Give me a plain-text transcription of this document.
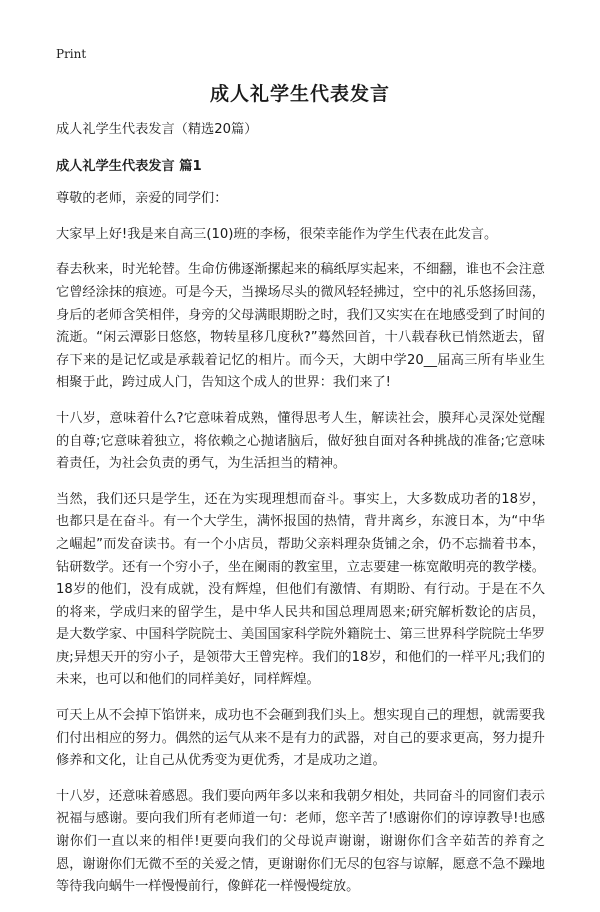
Print
成人礼学生代表发言

成人礼学生代表发言（精选20篇）

成人礼学生代表发言 篇1

尊敬的老师，亲爱的同学们：

大家早上好!我是来自高三(10)班的李杨，很荣幸能作为学生代表在此发言。

春去秋来，时光轮替。生命仿佛逐渐摞起来的稿纸厚实起来，不细翻，谁也不会注意它曾经涂抹的痕迹。可是今天，当操场尽头的微风轻轻拂过，空中的礼乐悠扬回荡，身后的老师含笑相伴，身旁的父母满眼期盼之时，我们又实实在在地感受到了时间的流逝。“闲云潭影日悠悠，物转星移几度秋?”蓦然回首，十八载春秋已悄然逝去，留存下来的是记忆或是承载着记忆的相片。而今天，大朗中学20__届高三所有毕业生相聚于此，跨过成人门，告知这个成人的世界：我们来了!

十八岁，意味着什么?它意味着成熟，懂得思考人生，解读社会，膜拜心灵深处觉醒的自尊;它意味着独立，将依赖之心抛诸脑后，做好独自面对各种挑战的准备;它意味着责任，为社会负责的勇气，为生活担当的精神。

当然，我们还只是学生，还在为实现理想而奋斗。事实上，大多数成功者的18岁，也都只是在奋斗。有一个大学生，满怀报国的热情，背井离乡，东渡日本，为“中华之崛起”而发奋读书。有一个小店员，帮助父亲料理杂货铺之余，仍不忘揣着书本，钻研数学。还有一个穷小子，坐在阑雨的教室里，立志要建一栋宽敞明亮的教学楼。18岁的他们，没有成就，没有辉煌，但他们有激情、有期盼、有行动。于是在不久的将来，学成归来的留学生，是中华人民共和国总理周恩来;研究解析数论的店员，是大数学家、中国科学院院士、美国国家科学院外籍院士、第三世界科学院院士华罗庚;异想天开的穷小子，是领带大王曾宪梓。我们的18岁，和他们的一样平凡;我们的未来，也可以和他们的同样美好，同样辉煌。

可天上从不会掉下馅饼来，成功也不会砸到我们头上。想实现自己的理想，就需要我们付出相应的努力。偶然的运气从来不是有力的武器，对自己的要求更高，努力提升修养和文化，让自己从优秀变为更优秀，才是成功之道。

十八岁，还意味着感恩。我们要向两年多以来和我朝夕相处，共同奋斗的同窗们表示祝福与感谢。要向我们所有老师道一句：老师，您辛苦了!感谢你们的谆谆教导!也感谢你们一直以来的相伴!更要向我们的父母说声谢谢，谢谢你们含辛茹苦的养育之恩，谢谢你们无微不至的关爱之情，更谢谢你们无尽的包容与谅解，愿意不急不躁地等待我向蜗牛一样慢慢前行，像鲜花一样慢慢绽放。
